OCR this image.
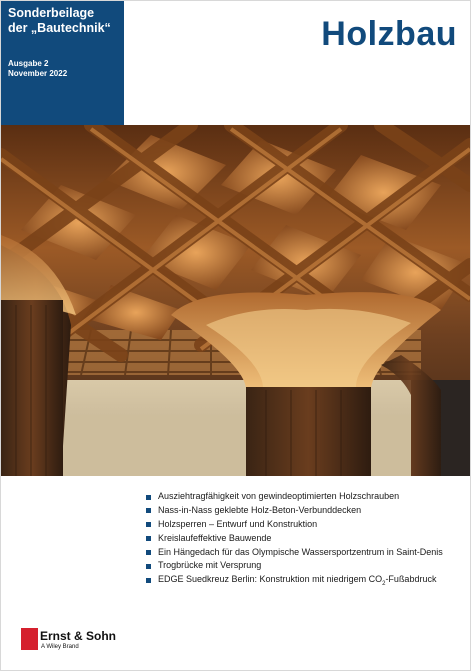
Sonderbeilage
der „Bautechnik“
Ausgabe 2
November 2022
Holzbau
Ausziehtragfähigkeit von gewindeoptimierten Holzschrauben
Nass-in-Nass geklebte Holz-Beton-Verbunddecken
Holzsperren – Entwurf und Konstruktion
Kreislaufeffektive Bauwende
Ein Hängedach für das Olympische Wassersportzentrum in Saint-Denis
Trogbrücke mit Versprung
EDGE Suedkreuz Berlin: Konstruktion mit niedrigem $CO_2$-Fußabdruck
Ernst & Sohn
A Wiley Brand
